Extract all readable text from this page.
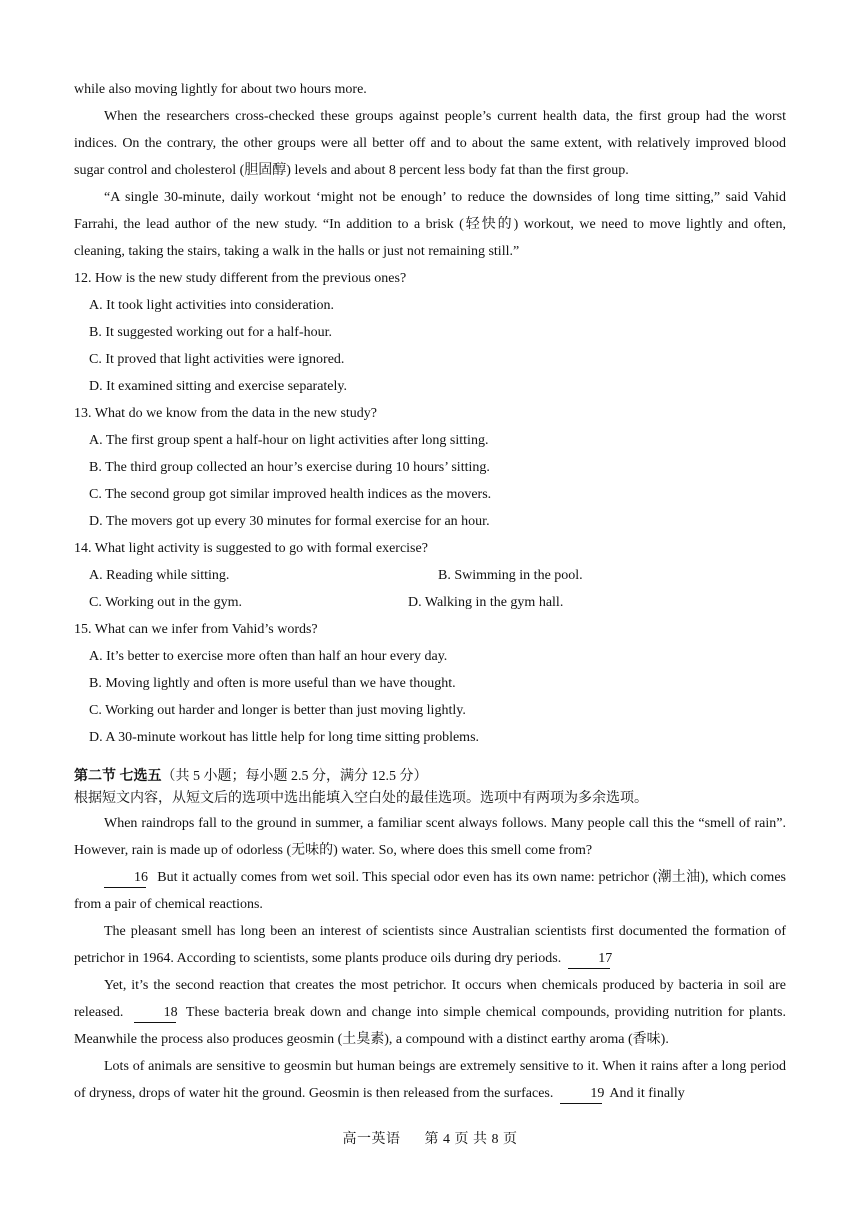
while also moving lightly for about two hours more.

When the researchers cross-checked these groups against people’s current health data, the first group had the worst indices. On the contrary, the other groups were all better off and to about the same extent, with relatively improved blood sugar control and cholesterol (胆固醇) levels and about 8 percent less body fat than the first group.

“A single 30-minute, daily workout ‘might not be enough’ to reduce the downsides of long time sitting,” said Vahid Farrahi, the lead author of the new study. “In addition to a brisk (轻快的) workout, we need to move lightly and often, cleaning, taking the stairs, taking a walk in the halls or just not remaining still.”

12. How is the new study different from the previous ones?

A. It took light activities into consideration.

B. It suggested working out for a half-hour.

C. It proved that light activities were ignored.

D. It examined sitting and exercise separately.

13. What do we know from the data in the new study?

A. The first group spent a half-hour on light activities after long sitting.

B. The third group collected an hour’s exercise during 10 hours’ sitting.

C. The second group got similar improved health indices as the movers.

D. The movers got up every 30 minutes for formal exercise for an hour.

14. What light activity is suggested to go with formal exercise?

A. Reading while sitting.	B. Swimming in the pool.
C. Working out in the gym.	D. Walking in the gym hall.

15. What can we infer from Vahid’s words?

A. It’s better to exercise more often than half an hour every day.

B. Moving lightly and often is more useful than we have thought.

C. Working out harder and longer is better than just moving lightly.

D. A 30-minute workout has little help for long time sitting problems.

第二节 七选五（共 5 小题；每小题 2.5 分，满分 12.5 分）

根据短文内容，从短文后的选项中选出能填入空白处的最佳选项。选项中有两项为多余选项。

When raindrops fall to the ground in summer, a familiar scent always follows. Many people call this the “smell of rain”. However, rain is made up of odorless (无味的) water. So, where does this smell come from?

16 But it actually comes from wet soil. This special odor even has its own name: petrichor (潮土油), which comes from a pair of chemical reactions.

The pleasant smell has long been an interest of scientists since Australian scientists first documented the formation of petrichor in 1964. According to scientists, some plants produce oils during dry periods.	17

Yet, it’s the second reaction that creates the most petrichor. It occurs when chemicals produced by bacteria in soil are released.	18 These bacteria break down and change into simple chemical compounds, providing nutrition for plants. Meanwhile the process also produces geosmin (土臭素), a compound with a distinct earthy aroma (香味).

Lots of animals are sensitive to geosmin but human beings are extremely sensitive to it. When it rains after a long period of dryness, drops of water hit the ground. Geosmin is then released from the surfaces.	19 And it finally

高一英语 第 4 页 共 8 页
